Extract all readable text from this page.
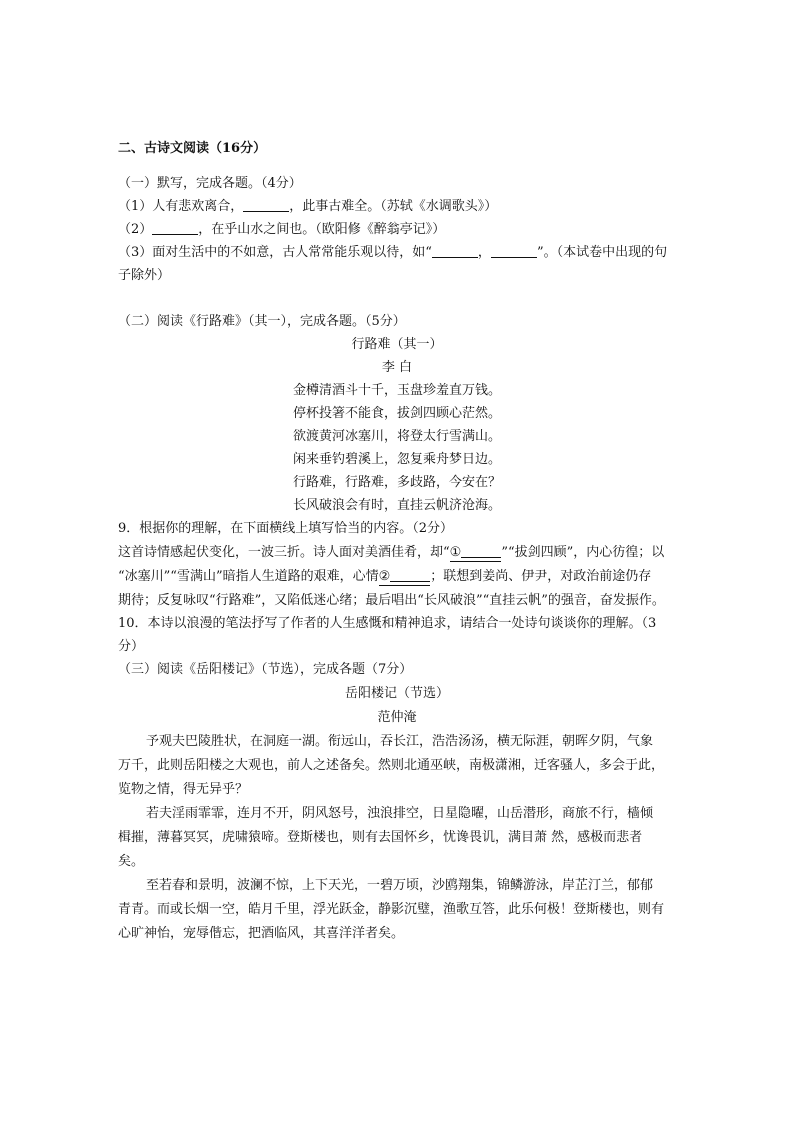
二、古诗文阅读（16分）
（一）默写，完成各题。（4分）
（1）人有悲欢离合，	，此事古难全。（苏轼《水调歌头》）
（2）	，在乎山水之间也。（欧阳修《醉翁亭记》）
（3）面对生活中的不如意，古人常常能乐观以待，如“	，	”。（本试卷中出现的句
子除外）
（二）阅读《行路难》（其一），完成各题。（5分）
行路难（其一）
李 白
金樽清酒斗十千，玉盘珍羞直万钱。
停杯投箸不能食，拔剑四顾心茫然。
欲渡黄河冰塞川，将登太行雪满山。
闲来垂钓碧溪上，忽复乘舟梦日边。
行路难，行路难，多歧路，今安在？
长风破浪会有时，直挂云帆济沧海。
9．根据你的理解，在下面横线上填写恰当的内容。（2分）
这首诗情感起伏变化，一波三折。诗人面对美酒佳肴，却“①	”“拔剑四顾”，内心彷徨；以
“冰塞川”“雪满山”暗指人生道路的艰难，心情②	；联想到姜尚、伊尹，对政治前途仍存
期待；反复咏叹“行路难”，又陷低迷心绪；最后唱出“长风破浪”“直挂云帆”的强音，奋发振作。
10．本诗以浪漫的笔法抒写了作者的人生感慨和精神追求，请结合一处诗句谈谈你的理解。（3
分）
（三）阅读《岳阳楼记》（节选），完成各题（7分）
岳阳楼记（节选）
范仲淹
予观夫巴陵胜状，在洞庭一湖。衔远山，吞长江，浩浩汤汤，横无际涯，朝晖夕阴，气象
万千，此则岳阳楼之大观也，前人之述备矣。然则北通巫峡，南极潇湘，迁客骚人，多会于此，
览物之情，得无异乎？
若夫淫雨霏霏，连月不开，阴风怒号，浊浪排空，日星隐曜，山岳潜形，商旅不行，樯倾
楫摧，薄暮冥冥，虎啸猿啼。登斯楼也，则有去国怀乡，忧谗畏讥，满目萧 然，感极而悲者
矣。
至若春和景明，波澜不惊，上下天光，一碧万顷，沙鸥翔集，锦鳞游泳，岸芷汀兰，郁郁
青青。而或长烟一空，皓月千里，浮光跃金，静影沉璧，渔歌互答，此乐何极！登斯楼也，则有
心旷神怡，宠辱偕忘，把酒临风，其喜洋洋者矣。
